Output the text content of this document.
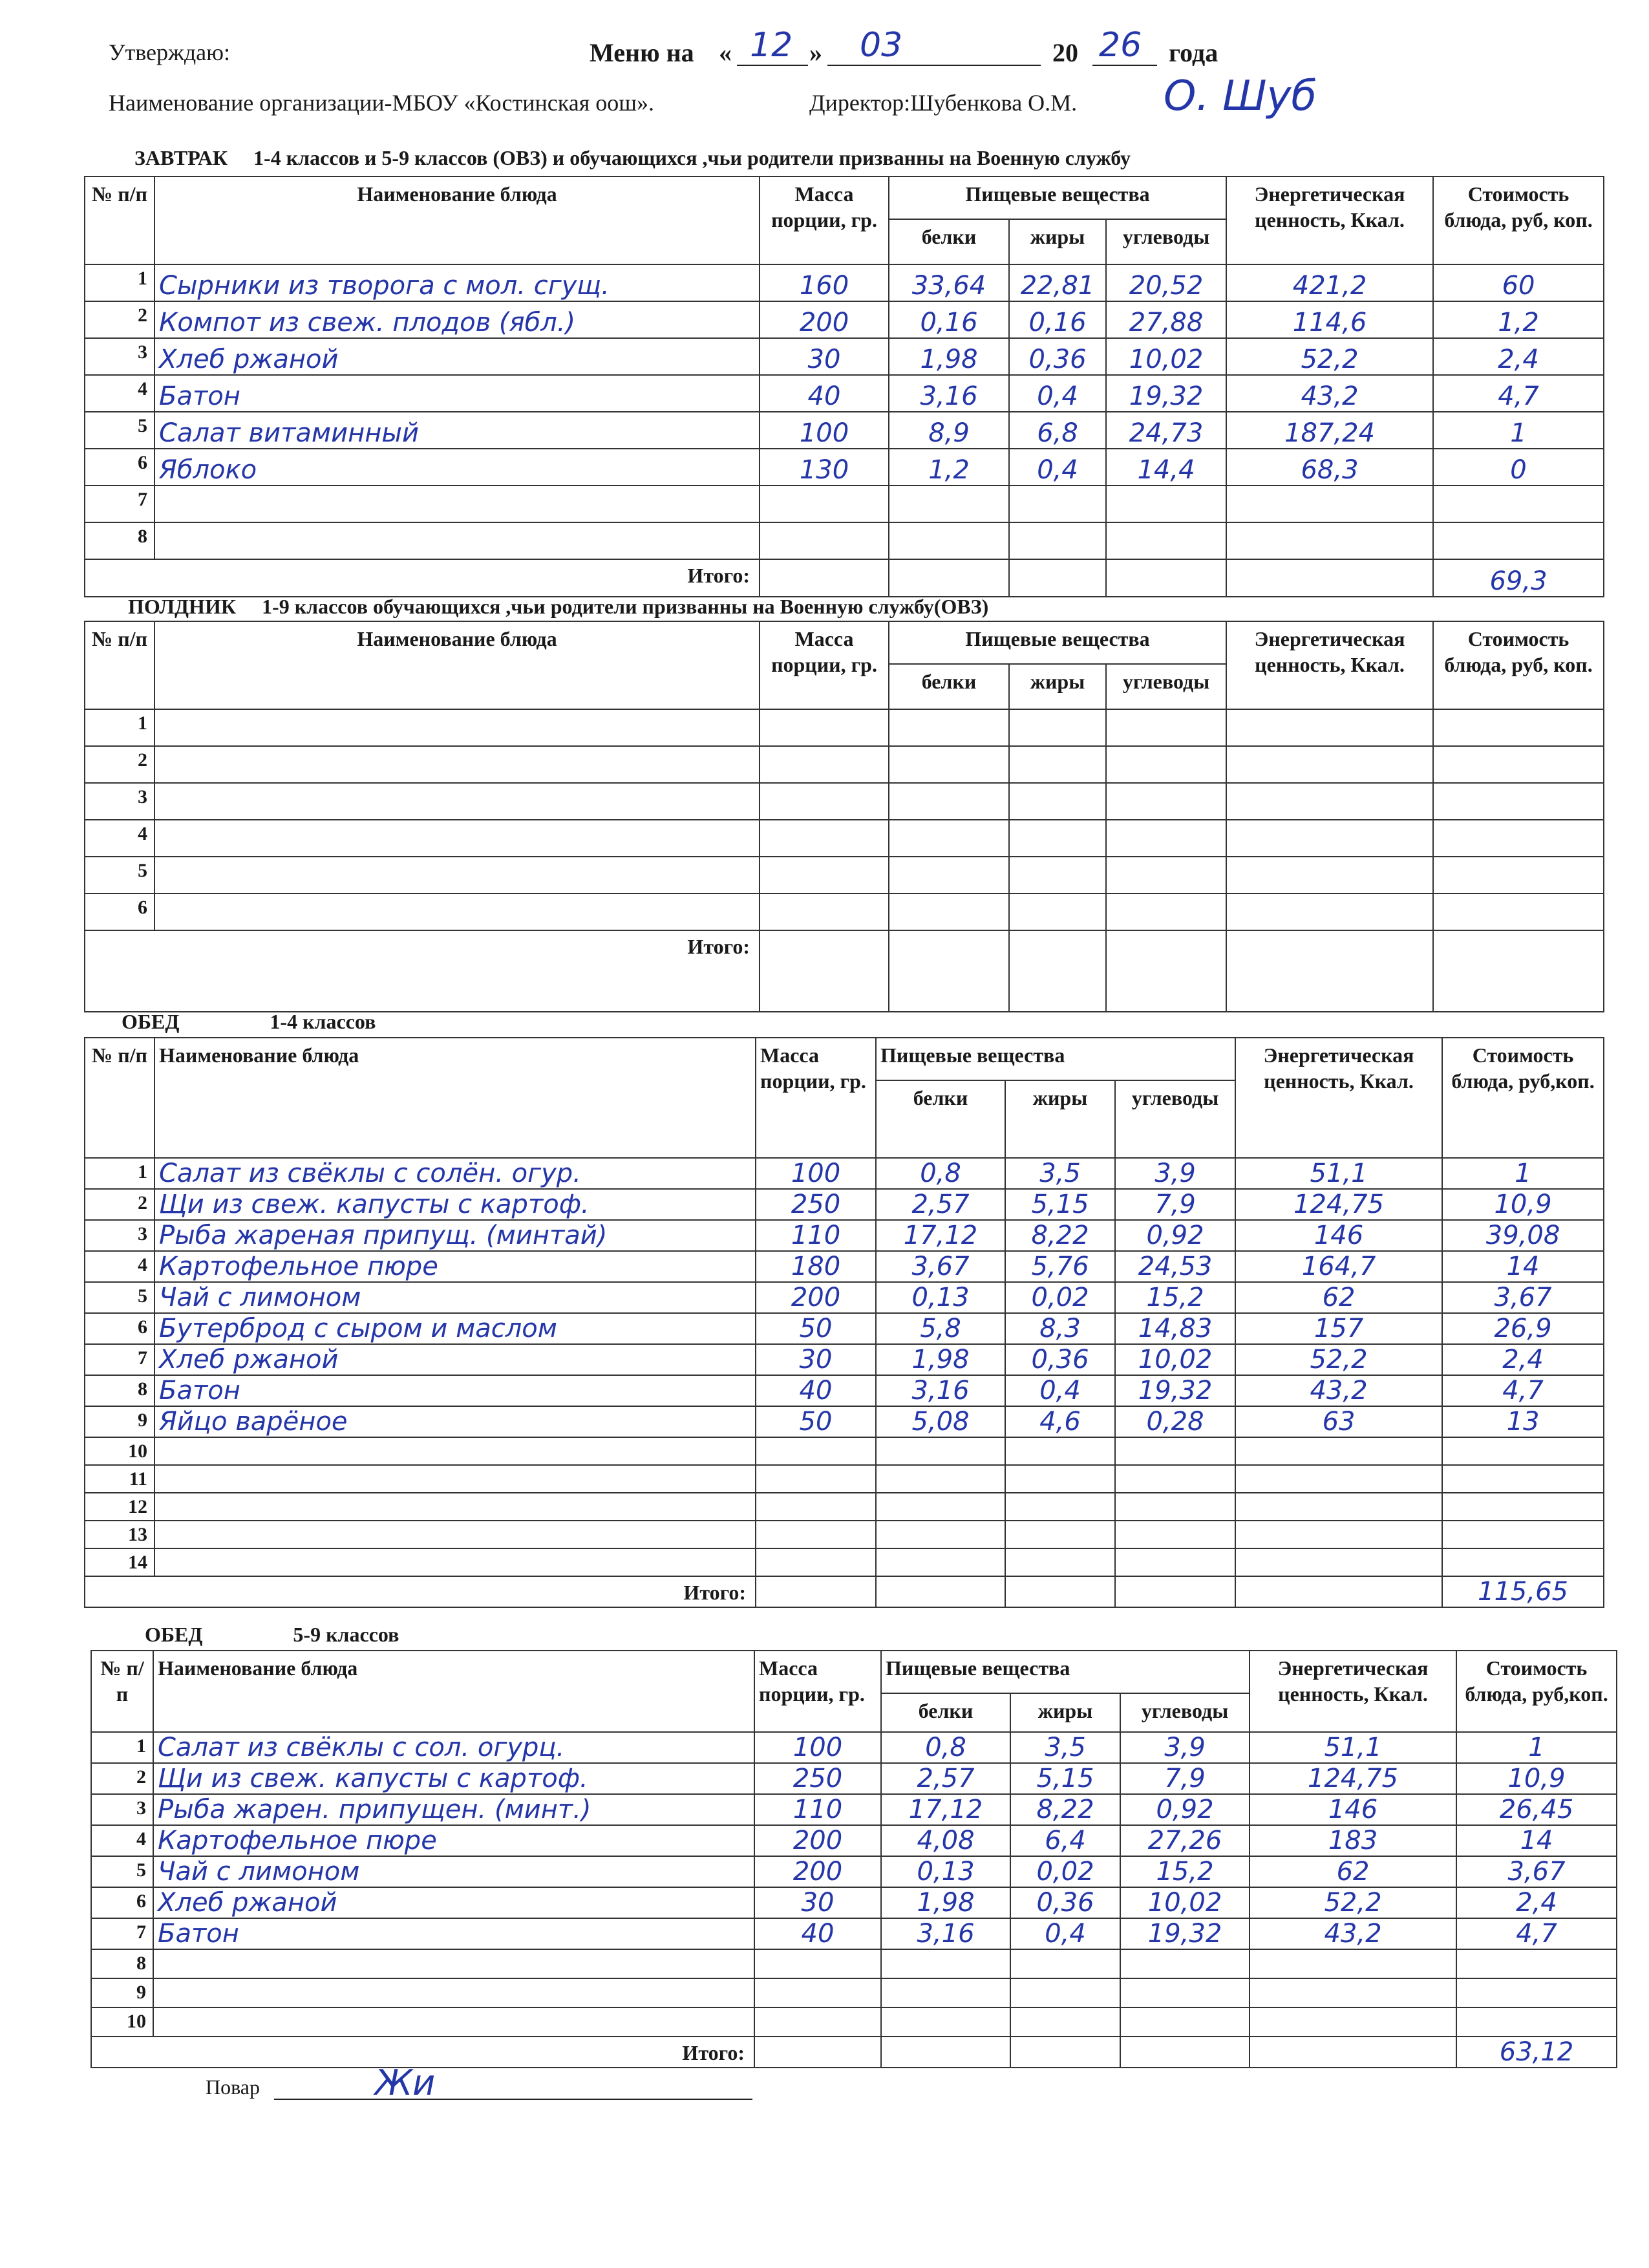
Утверждаю:	Меню на « 12 » 03	20 26 года
Наименование организации-МБОУ «Костинская оош».	Директор:Шубенкова О.М. О. Шуб
ЗАВТРАК 1-4 классов и 5-9 классов (ОВЗ) и обучающихся ,чьи родители призванны на Военную службу
№ п/п	Наименование блюда	Масса порции, гр.	Пищевые вещества			Энергетическая ценность, Ккал.	Стоимость блюда, руб, коп.
			белки	жиры	углеводы		
1	Сырники из творога с мол. сгущ.	160	33,64	22,81	20,52	421,2	60
2	Компот из свеж. плодов (ябл.)	200	0,16	0,16	27,88	114,6	1,2
3	Хлеб ржаной	30	1,98	0,36	10,02	52,2	2,4
4	Батон	40	3,16	0,4	19,32	43,2	4,7
5	Салат витаминный	100	8,9	6,8	24,73	187,24	1
6	Яблоко	130	1,2	0,4	14,4	68,3	0
7							
8							
Итого:							69,3
ПОЛДНИК 1-9 классов обучающихся ,чьи родители призванны на Военную службу(ОВЗ)
№ п/п	Наименование блюда	Масса порции, гр.	Пищевые вещества			Энергетическая ценность, Ккал.	Стоимость блюда, руб, коп.
			белки	жиры	углеводы		
1							
2							
3							
4							
5							
6							
Итого:							
ОБЕД	1-4 классов
№ п/п	Наименование блюда	Масса порции, гр.	Пищевые вещества			Энергетическая ценность, Ккал.	Стоимость блюда, руб,коп.
			белки	жиры	углеводы		
1	Салат из свёклы с солён. огур.	100	0,8	3,5	3,9	51,1	1
2	Щи из свеж. капусты с картоф.	250	2,57	5,15	7,9	124,75	10,9
3	Рыба жареная припущ. (минтай)	110	17,12	8,22	0,92	146	39,08
4	Картофельное пюре	180	3,67	5,76	24,53	164,7	14
5	Чай с лимоном	200	0,13	0,02	15,2	62	3,67
6	Бутерброд с сыром и маслом	50	5,8	8,3	14,83	157	26,9
7	Хлеб ржаной	30	1,98	0,36	10,02	52,2	2,4
8	Батон	40	3,16	0,4	19,32	43,2	4,7
9	Яйцо варёное	50	5,08	4,6	0,28	63	13
10							
11							
12							
13							
14							
Итого:							115,65
ОБЕД	5-9 классов
№ п/п	Наименование блюда	Масса порции, гр.	Пищевые вещества			Энергетическая ценность, Ккал.	Стоимость блюда, руб,коп.
			белки	жиры	углеводы		
1	Салат из свёклы с сол. огурц.	100	0,8	3,5	3,9	51,1	1
2	Щи из свеж. капусты с картоф.	250	2,57	5,15	7,9	124,75	10,9
3	Рыба жарен. припущен. (минт.)	110	17,12	8,22	0,92	146	26,45
4	Картофельное пюре	200	4,08	6,4	27,26	183	14
5	Чай с лимоном	200	0,13	0,02	15,2	62	3,67
6	Хлеб ржаной	30	1,98	0,36	10,02	52,2	2,4
7	Батон	40	3,16	0,4	19,32	43,2	4,7
8							
9							
10							
Итого:							63,12
Повар	Жи
